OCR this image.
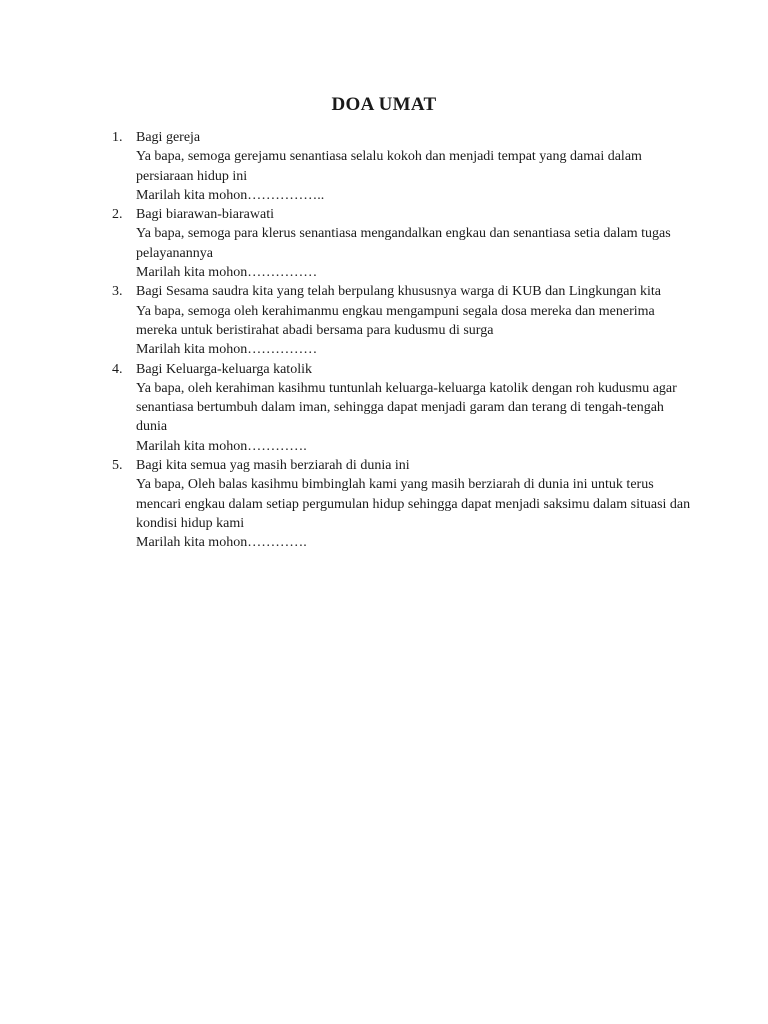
DOA UMAT
1. Bagi gereja
Ya bapa, semoga gerejamu senantiasa selalu kokoh dan menjadi tempat yang damai dalam persiaraan hidup ini
Marilah kita mohon……………..
2. Bagi biarawan-biarawati
Ya bapa, semoga para klerus senantiasa mengandalkan engkau dan senantiasa setia dalam tugas pelayanannya
Marilah kita mohon……………
3. Bagi Sesama saudra kita yang telah berpulang khususnya warga di KUB dan Lingkungan kita
Ya bapa, semoga oleh kerahimanmu engkau mengampuni segala dosa mereka dan menerima mereka untuk beristirahat abadi bersama para kudusmu di surga
Marilah kita mohon……………
4. Bagi Keluarga-keluarga katolik
Ya bapa, oleh kerahiman kasihmu tuntunlah keluarga-keluarga katolik dengan roh kudusmu agar senantiasa bertumbuh dalam iman, sehingga dapat menjadi garam dan terang di tengah-tengah dunia
Marilah kita mohon………….
5. Bagi kita semua yag masih berziarah di dunia ini
Ya bapa, Oleh balas kasihmu bimbinglah kami yang masih berziarah di dunia ini untuk terus mencari engkau dalam setiap pergumulan hidup sehingga dapat menjadi saksimu dalam situasi dan kondisi hidup kami
Marilah kita mohon………….
